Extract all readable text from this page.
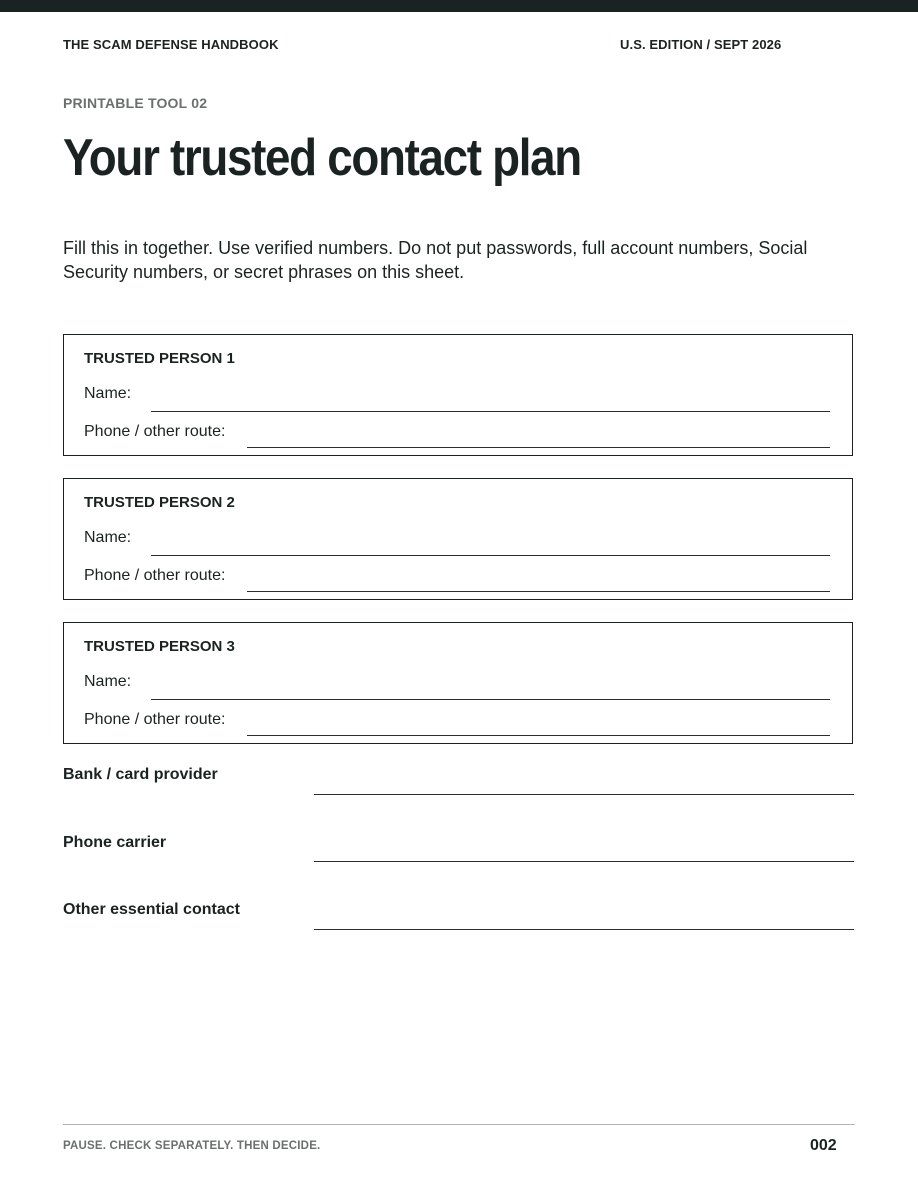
THE SCAM DEFENSE HANDBOOK	U.S. EDITION / SEPT 2026
PRINTABLE TOOL 02
Your trusted contact plan

Fill this in together. Use verified numbers. Do not put passwords, full account numbers, Social Security numbers, or secret phrases on this sheet.

TRUSTED PERSON 1
Name:
Phone / other route:
TRUSTED PERSON 2
Name:
Phone / other route:
TRUSTED PERSON 3
Name:
Phone / other route:
Bank / card provider
Phone carrier
Other essential contact
PAUSE. CHECK SEPARATELY. THEN DECIDE.	002
